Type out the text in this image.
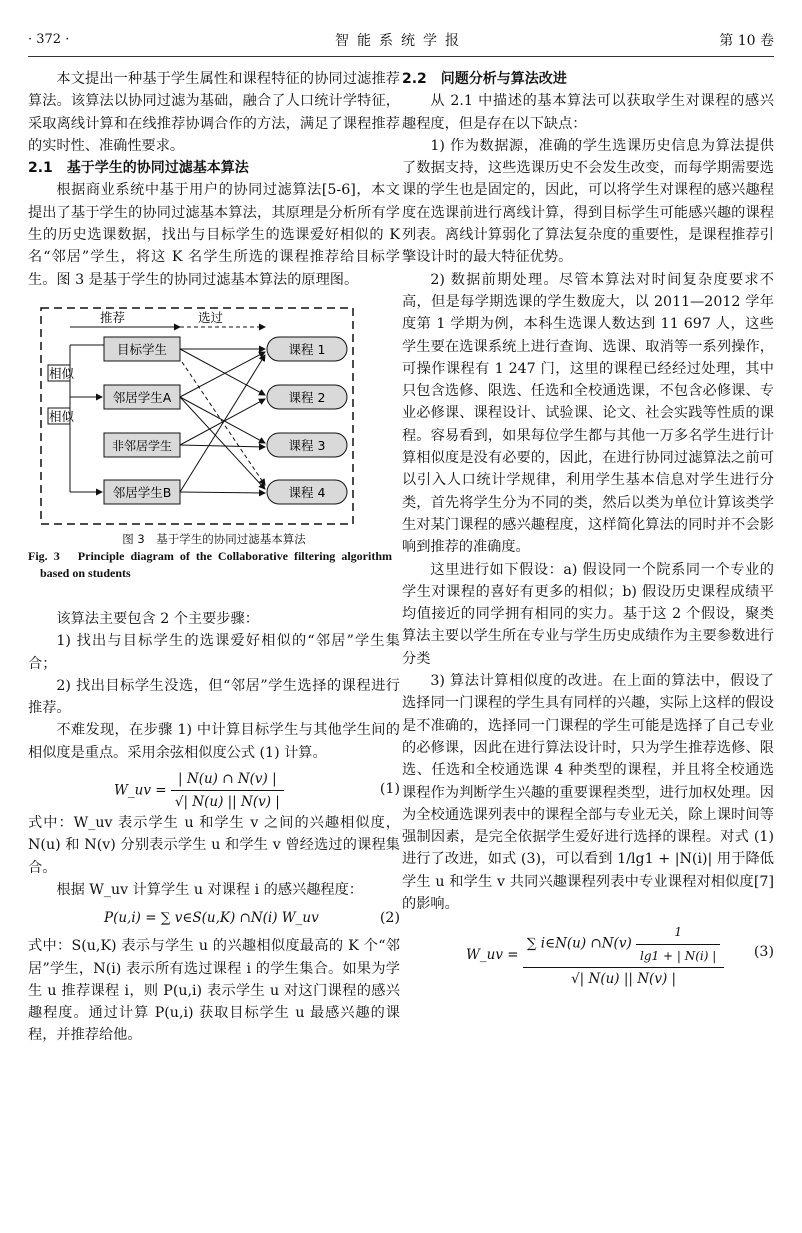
· 372 ·	智能系统学报	第 10 卷

本文提出一种基于学生属性和课程特征的协同过滤推荐算法。该算法以协同过滤为基础，融合了人口统计学特征，采取离线计算和在线推荐协调合作的方法，满足了课程推荐的实时性、准确性要求。

2.1　基于学生的协同过滤基本算法

根据商业系统中基于用户的协同过滤算法[5-6]，本文提出了基于学生的协同过滤基本算法，其原理是分析所有学生的历史选课数据，找出与目标学生的选课爱好相似的 K 名“邻居”学生，将这 K 名学生所选的课程推荐给目标学生。图 3 是基于学生的协同过滤基本算法的原理图。

推荐	选过
相似
相似
目标学生
邻居学生A
非邻居学生
邻居学生B
课程 1
课程 2
课程 3
课程 4
图 3　基于学生的协同过滤基本算法

Fig. 3　Principle diagram of the Collaborative filtering algorithm based on students

该算法主要包含 2 个主要步骤：

1) 找出与目标学生的选课爱好相似的“邻居”学生集合；

2) 找出目标学生没选，但“邻居”学生选择的课程进行推荐。

不难发现，在步骤 1) 中计算目标学生与其他学生间的相似度是重点。采用余弦相似度公式 (1) 计算。

W_uv = $\frac{| N(u) \cap N(v) |}{√| N(u) || N(v) |}$	(1)

式中：W_uv 表示学生 u 和学生 v 之间的兴趣相似度，N(u) 和 N(v) 分别表示学生 u 和学生 v 曾经选过的课程集合。

根据 W_uv 计算学生 u 对课程 i 的感兴趣程度：

P(u,i) = ∑ v∈S(u,K) ∩N(i) W_uv	(2)

式中：S(u,K) 表示与学生 u 的兴趣相似度最高的 K 个“邻居”学生，N(i) 表示所有选过课程 i 的学生集合。如果为学生 u 推荐课程 i，则 P(u,i) 表示学生 u 对这门课程的感兴趣程度。通过计算 P(u,i) 获取目标学生 u 最感兴趣的课程，并推荐给他。

2.2　问题分析与算法改进

从 2.1 中描述的基本算法可以获取学生对课程的感兴趣程度，但是存在以下缺点：

1) 作为数据源，准确的学生选课历史信息为算法提供了数据支持，这些选课历史不会发生改变，而每学期需要选课的学生也是固定的，因此，可以将学生对课程的感兴趣程度在选课前进行离线计算，得到目标学生可能感兴趣的课程列表。离线计算弱化了算法复杂度的重要性，是课程推荐引擎设计时的最大特征优势。

2) 数据前期处理。尽管本算法对时间复杂度要求不高，但是每学期选课的学生数庞大，以 2011—2012 学年度第 1 学期为例，本科生选课人数达到 11 697 人，这些学生要在选课系统上进行查询、选课、取消等一系列操作，可操作课程有 1 247 门，这里的课程已经经过处理，其中只包含选修、限选、任选和全校通选课，不包含必修课、专业必修课、课程设计、试验课、论文、社会实践等性质的课程。容易看到，如果每位学生都与其他一万多名学生进行计算相似度是没有必要的，因此，在进行协同过滤算法之前可以引入人口统计学规律，利用学生基本信息对学生进行分类，首先将学生分为不同的类，然后以类为单位计算该类学生对某门课程的感兴趣程度，这样简化算法的同时并不会影响到推荐的准确度。

这里进行如下假设：a) 假设同一个院系同一个专业的学生对课程的喜好有更多的相似；b) 假设历史课程成绩平均值接近的同学拥有相同的实力。基于这 2 个假设，聚类算法主要以学生所在专业与学生历史成绩作为主要参数进行分类

3) 算法计算相似度的改进。在上面的算法中，假设了选择同一门课程的学生具有同样的兴趣，实际上这样的假设是不准确的，选择同一门课程的学生可能是选择了自己专业的必修课，因此在进行算法设计时，只为学生推荐选修、限选、任选和全校通选课 4 种类型的课程，并且将全校通选课程作为判断学生兴趣的重要课程类型，进行加权处理。因为全校通选课列表中的课程全部与专业无关，除上课时间等强制因素，是完全依据学生爱好进行选择的课程。对式 (1) 进行了改进，如式 (3)，可以看到 1/lg1 + |N(i)| 用于降低学生 u 和学生 v 共同兴趣课程列表中专业课程对相似度[7]的影响。

W_uv = $\frac{\sum i\in N(u) \cap N(v) \frac{1}{\lg 1 + | N(i) |}}{√| N(u) || N(v) |} (3)$
